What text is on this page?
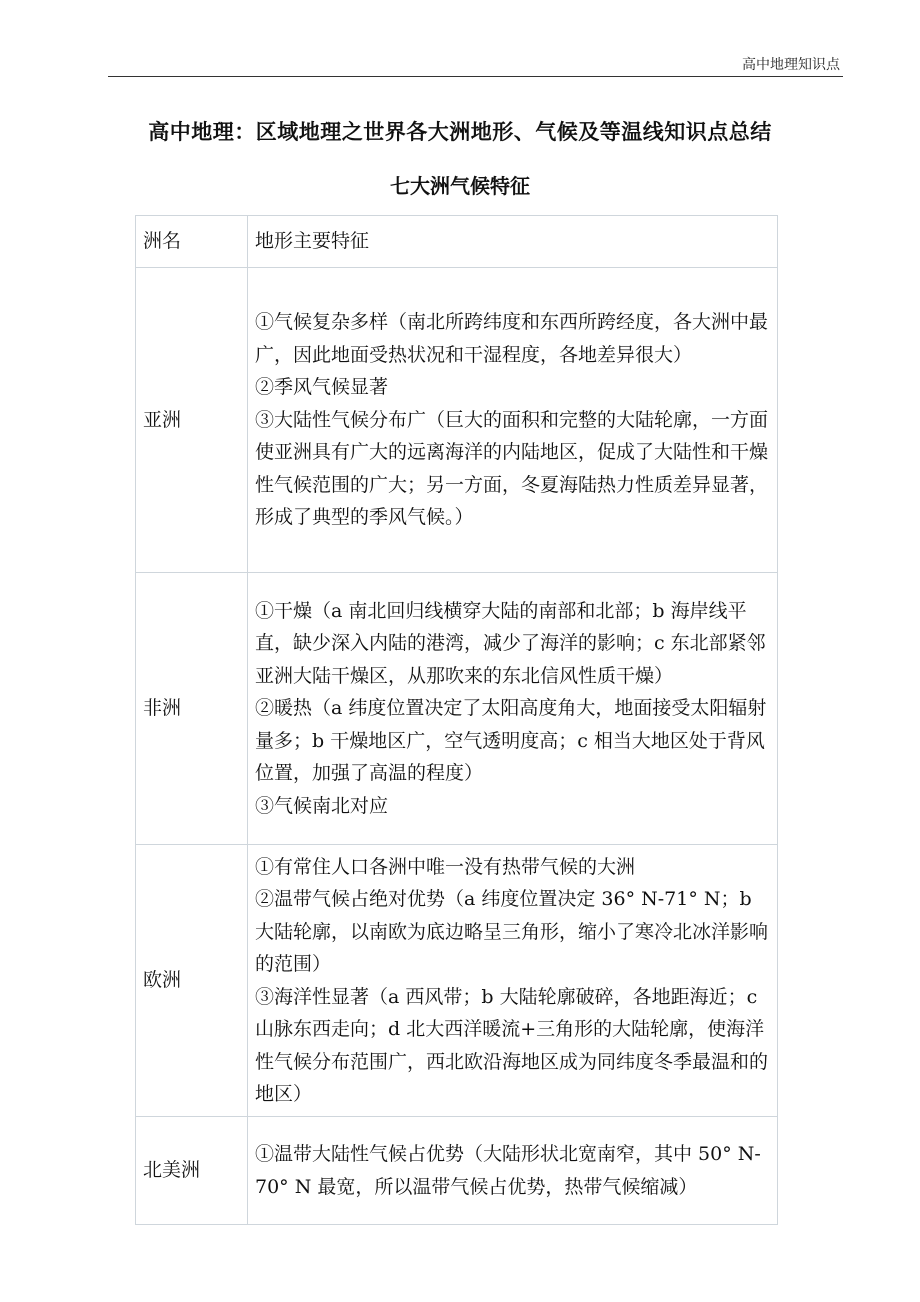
高中地理知识点
高中地理：区域地理之世界各大洲地形、气候及等温线知识点总结
七大洲气候特征
洲名	地形主要特征
亚洲	①气候复杂多样（南北所跨纬度和东西所跨经度，各大洲中最广，因此地面受热状况和干湿程度，各地差异很大）
②季风气候显著
③大陆性气候分布广（巨大的面积和完整的大陆轮廓，一方面使亚洲具有广大的远离海洋的内陆地区，促成了大陆性和干燥性气候范围的广大；另一方面，冬夏海陆热力性质差异显著，形成了典型的季风气候。）

非洲	①干燥（a 南北回归线横穿大陆的南部和北部；b 海岸线平直，缺少深入内陆的港湾，减少了海洋的影响；c 东北部紧邻亚洲大陆干燥区，从那吹来的东北信风性质干燥）
②暖热（a 纬度位置决定了太阳高度角大，地面接受太阳辐射量多；b 干燥地区广，空气透明度高；c 相当大地区处于背风位置，加强了高温的程度）
③气候南北对应

欧洲	①有常住人口各洲中唯一没有热带气候的大洲
②温带气候占绝对优势（a 纬度位置决定 36° N-71° N；b 大陆轮廓，以南欧为底边略呈三角形，缩小了寒冷北冰洋影响的范围）
③海洋性显著（a 西风带；b 大陆轮廓破碎，各地距海近；c 山脉东西走向；d 北大西洋暖流+三角形的大陆轮廓，使海洋性气候分布范围广，西北欧沿海地区成为同纬度冬季最温和的地区）

北美洲	①温带大陆性气候占优势（大陆形状北宽南窄，其中 50° N-70° N 最宽，所以温带气候占优势，热带气候缩减）
